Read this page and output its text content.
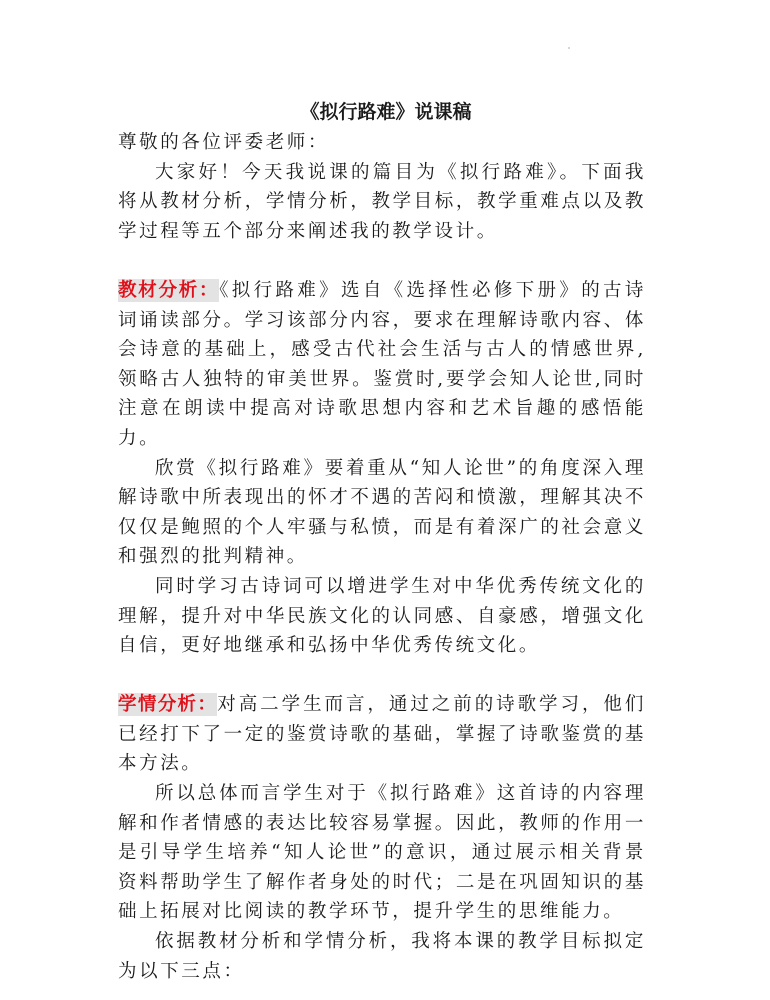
《拟行路难》说课稿

尊敬的各位评委老师：

大家好！今天我说课的篇目为《拟行路难》。下面我将从教材分析，学情分析，教学目标，教学重难点以及教学过程等五个部分来阐述我的教学设计。

教材分析：《拟行路难》选自《选择性必修下册》的古诗词诵读部分。学习该部分内容，要求在理解诗歌内容、体会诗意的基础上，感受古代社会生活与古人的情感世界,领略古人独特的审美世界。鉴赏时,要学会知人论世,同时注意在朗读中提高对诗歌思想内容和艺术旨趣的感悟能力。

欣赏《拟行路难》要着重从“知人论世”的角度深入理解诗歌中所表现出的怀才不遇的苦闷和愤激，理解其决不仅仅是鲍照的个人牢骚与私愤，而是有着深广的社会意义和强烈的批判精神。

同时学习古诗词可以增进学生对中华优秀传统文化的理解，提升对中华民族文化的认同感、自豪感，增强文化自信，更好地继承和弘扬中华优秀传统文化。

学情分析：对高二学生而言，通过之前的诗歌学习，他们已经打下了一定的鉴赏诗歌的基础，掌握了诗歌鉴赏的基本方法。

所以总体而言学生对于《拟行路难》这首诗的内容理解和作者情感的表达比较容易掌握。因此，教师的作用一是引导学生培养“知人论世”的意识，通过展示相关背景资料帮助学生了解作者身处的时代；二是在巩固知识的基础上拓展对比阅读的教学环节，提升学生的思维能力。

依据教材分析和学情分析，我将本课的教学目标拟定为以下三点：
